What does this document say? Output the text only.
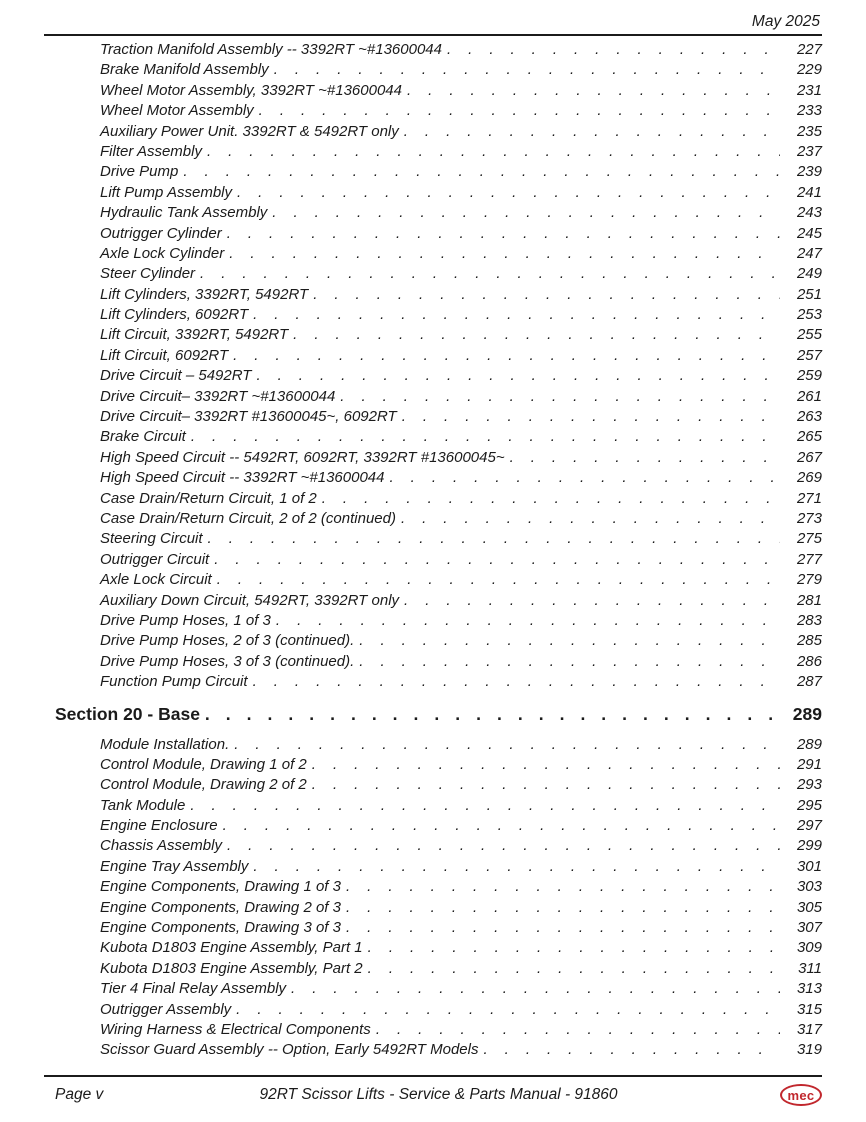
May 2025
Traction Manifold Assembly -- 3392RT ~#13600044 .....	227
Brake Manifold Assembly .....	229
Wheel Motor Assembly, 3392RT ~#13600044 .....	231
Wheel Motor Assembly .....	233
Auxiliary Power Unit. 3392RT & 5492RT only .....	235
Filter Assembly .....	237
Drive Pump .....	239
Lift Pump Assembly .....	241
Hydraulic Tank Assembly .....	243
Outrigger Cylinder .....	245
Axle Lock Cylinder .....	247
Steer Cylinder .....	249
Lift Cylinders, 3392RT, 5492RT .....	251
Lift Cylinders, 6092RT .....	253
Lift Circuit, 3392RT, 5492RT .....	255
Lift Circuit, 6092RT .....	257
Drive Circuit – 5492RT .....	259
Drive Circuit– 3392RT ~#13600044 .....	261
Drive Circuit– 3392RT #13600045~, 6092RT .....	263
Brake Circuit .....	265
High Speed Circuit -- 5492RT, 6092RT, 3392RT #13600045~ .....	267
High Speed Circuit -- 3392RT ~#13600044 .....	269
Case Drain/Return Circuit, 1 of 2 .....	271
Case Drain/Return Circuit, 2 of 2 (continued) .....	273
Steering Circuit .....	275
Outrigger Circuit .....	277
Axle Lock Circuit .....	279
Auxiliary Down Circuit, 5492RT, 3392RT only .....	281
Drive Pump Hoses, 1 of 3 .....	283
Drive Pump Hoses, 2 of 3 (continued). .....	285
Drive Pump Hoses, 3 of 3 (continued). .....	286
Function Pump Circuit .....	287
Section 20 - Base .....	289
Module Installation. .....	289
Control Module, Drawing 1 of 2 .....	291
Control Module, Drawing 2 of 2 .....	293
Tank Module .....	295
Engine Enclosure .....	297
Chassis Assembly .....	299
Engine Tray Assembly .....	301
Engine Components, Drawing 1 of 3 .....	303
Engine Components, Drawing 2 of 3 .....	305
Engine Components, Drawing 3 of 3 .....	307
Kubota D1803 Engine Assembly, Part 1 .....	309
Kubota D1803 Engine Assembly, Part 2 .....	311
Tier 4 Final Relay Assembly .....	313
Outrigger Assembly .....	315
Wiring Harness & Electrical Components .....	317
Scissor Guard Assembly -- Option, Early 5492RT Models .....	319
Page v	92RT Scissor Lifts - Service & Parts Manual - 91860	mec
